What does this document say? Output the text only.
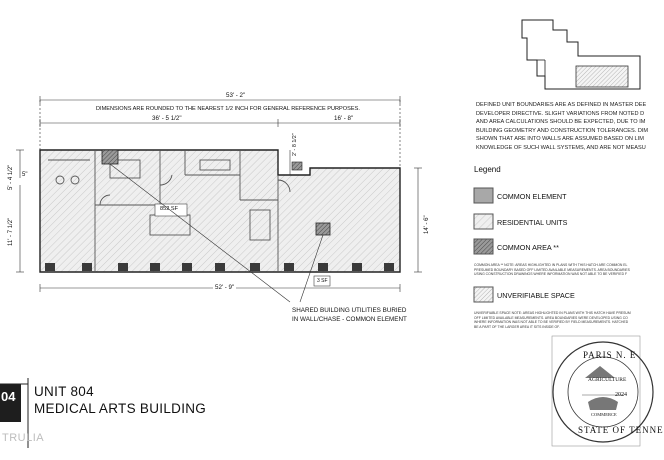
53' - 2"
DIMENSIONS ARE ROUNDED TO THE NEAREST 1/2 INCH FOR GENERAL REFERENCE PURPOSES.
36' - 5 1/2"	16' - 8"
2' - 8 1/2"
5' - 4 1/2" 5"
11' - 7 1/2"	14' - 6"
52' - 9"
852 SF
3 SF
SHARED BUILDING UTILITIES BURIED
IN WALL/CHASE - COMMON ELEMENT
DEFINED UNIT BOUNDARIES ARE AS DEFINED IN MASTER DEE
DEVELOPER DIRECTIVE. SLIGHT VARIATIONS FROM NOTED D
AND AREA CALCULATIONS SHOULD BE EXPECTED, DUE TO IM
BUILDING GEOMETRY AND CONSTRUCTION TOLERANCES. DIM
SHOWN THAT ARE INTO WALLS ARE ASSUMED BASED ON LIM
KNOWLEDGE OF SUCH WALL SYSTEMS, AND ARE NOT MEASU
Legend
COMMON ELEMENT
RESIDENTIAL UNITS
COMMON AREA **
COMMON AREA ** NOTE: AREAS HIGHLIGHTED IN PLANS WITH THIS HATCH ARE COMMON EL
PRESUMED BOUNDARY BASED OFF LIMITED AVAILABLE MEASUREMENTS. AREA BOUNDARIES
USING CONSTRUCTION DRAWINGS WHERE INFORMATION WAS NOT ABLE TO BE VERIFIED F
UNVERIFIABLE SPACE
UNVERIFIABLE SPACE NOTE: AREAS HIGHLIGHTED IN PLANS WITH THIS HATCH HAVE PRESUM
OFF LIMITED AVAILABLE MEASUREMENTS. AREA BOUNDARIES WERE DEVELOPED USING CO
WHERE INFORMATION WAS NOT ABLE TO BE VERIFIED BY FIELD MEASUREMENTS. HATCHED
BE A PART OF THE LARGER AREA IT SITS INSIDE OF.
PARIS N. E
AGRICULTURE
COMMERCE
2024
STATE OF TENNE
04 UNIT 804
MEDICAL ARTS BUILDING
TRULIA
